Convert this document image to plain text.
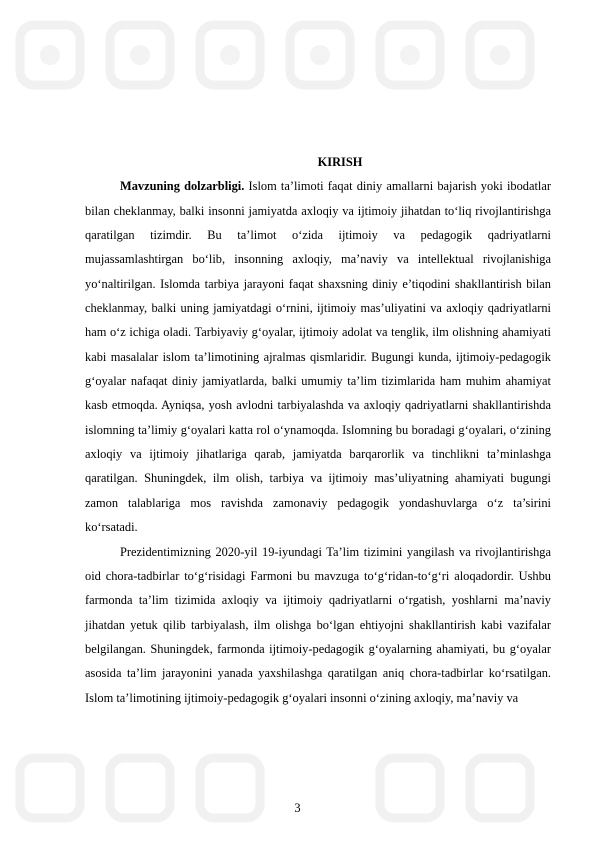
KIRISH

Mavzuning dolzarbligi. Islom ta’limoti faqat diniy amallarni bajarish yoki ibodatlar bilan cheklanmay, balki insonni jamiyatda axloqiy va ijtimoiy jihatdan to‘liq rivojlantirishga qaratilgan tizimdir. Bu ta’limot o‘zida ijtimoiy va pedagogik qadriyatlarni mujassamlashtirgan bo‘lib, insonning axloqiy, ma’naviy va intellektual rivojlanishiga yo‘naltirilgan. Islomda tarbiya jarayoni faqat shaxsning diniy e’tiqodini shakllantirish bilan cheklanmay, balki uning jamiyatdagi o‘rnini, ijtimoiy mas’uliyatini va axloqiy qadriyatlarni ham o‘z ichiga oladi. Tarbiyaviy g‘oyalar, ijtimoiy adolat va tenglik, ilm olishning ahamiyati kabi masalalar islom ta’limotining ajralmas qismlaridir. Bugungi kunda, ijtimoiy-pedagogik g‘oyalar nafaqat diniy jamiyatlarda, balki umumiy ta’lim tizimlarida ham muhim ahamiyat kasb etmoqda. Ayniqsa, yosh avlodni tarbiyalashda va axloqiy qadriyatlarni shakllantirishda islomning ta’limiy g‘oyalari katta rol o‘ynamoqda. Islomning bu boradagi g‘oyalari, o‘zining axloqiy va ijtimoiy jihatlariga qarab, jamiyatda barqarorlik va tinchlikni ta’minlashga qaratilgan. Shuningdek, ilm olish, tarbiya va ijtimoiy mas’uliyatning ahamiyati bugungi zamon talablariga mos ravishda zamonaviy pedagogik yondashuvlarga o‘z ta’sirini ko‘rsatadi.

Prezidentimizning 2020-yil 19-iyundagi Ta’lim tizimini yangilash va rivojlantirishga oid chora-tadbirlar to‘g‘risidagi Farmoni bu mavzuga to‘g‘ridan-to‘g‘ri aloqadordir. Ushbu farmonda ta’lim tizimida axloqiy va ijtimoiy qadriyatlarni o‘rgatish, yoshlarni ma’naviy jihatdan yetuk qilib tarbiyalash, ilm olishga bo‘lgan ehtiyojni shakllantirish kabi vazifalar belgilangan. Shuningdek, farmonda ijtimoiy-pedagogik g‘oyalarning ahamiyati, bu g‘oyalar asosida ta’lim jarayonini yanada yaxshilashga qaratilgan aniq chora-tadbirlar ko‘rsatilgan. Islom ta’limotining ijtimoiy-pedagogik g‘oyalari insonni o‘zining axloqiy, ma’naviy va

3
